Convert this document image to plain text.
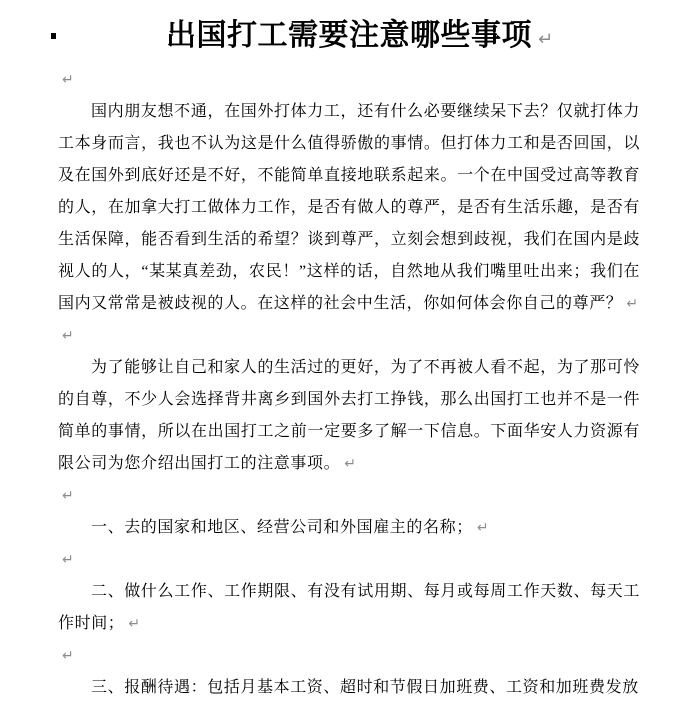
出国打工需要注意哪些事项 ↵
↵
国内朋友想不通，在国外打体力工，还有什么必要继续呆下去？仅就打体力工本身而言，我也不认为这是什么值得骄傲的事情。但打体力工和是否回国，以及在国外到底好还是不好，不能简单直接地联系起来。一个在中国受过高等教育的人，在加拿大打工做体力工作，是否有做人的尊严，是否有生活乐趣，是否有生活保障，能否看到生活的希望？谈到尊严，立刻会想到歧视，我们在国内是歧视人的人，“某某真差劲，农民！”这样的话，自然地从我们嘴里吐出来；我们在国内又常常是被歧视的人。在这样的社会中生活，你如何体会你自己的尊严？ ↵
↵
为了能够让自己和家人的生活过的更好，为了不再被人看不起，为了那可怜的自尊，不少人会选择背井离乡到国外去打工挣钱，那么出国打工也并不是一件简单的事情，所以在出国打工之前一定要多了解一下信息。下面华安人力资源有限公司为您介绍出国打工的注意事项。 ↵
↵
一、去的国家和地区、经营公司和外国雇主的名称； ↵
↵
二、做什么工作、工作期限、有没有试用期、每月或每周工作天数、每天工作时间； ↵
↵
三、报酬待遇：包括月基本工资、超时和节假日加班费、工资和加班费发放
